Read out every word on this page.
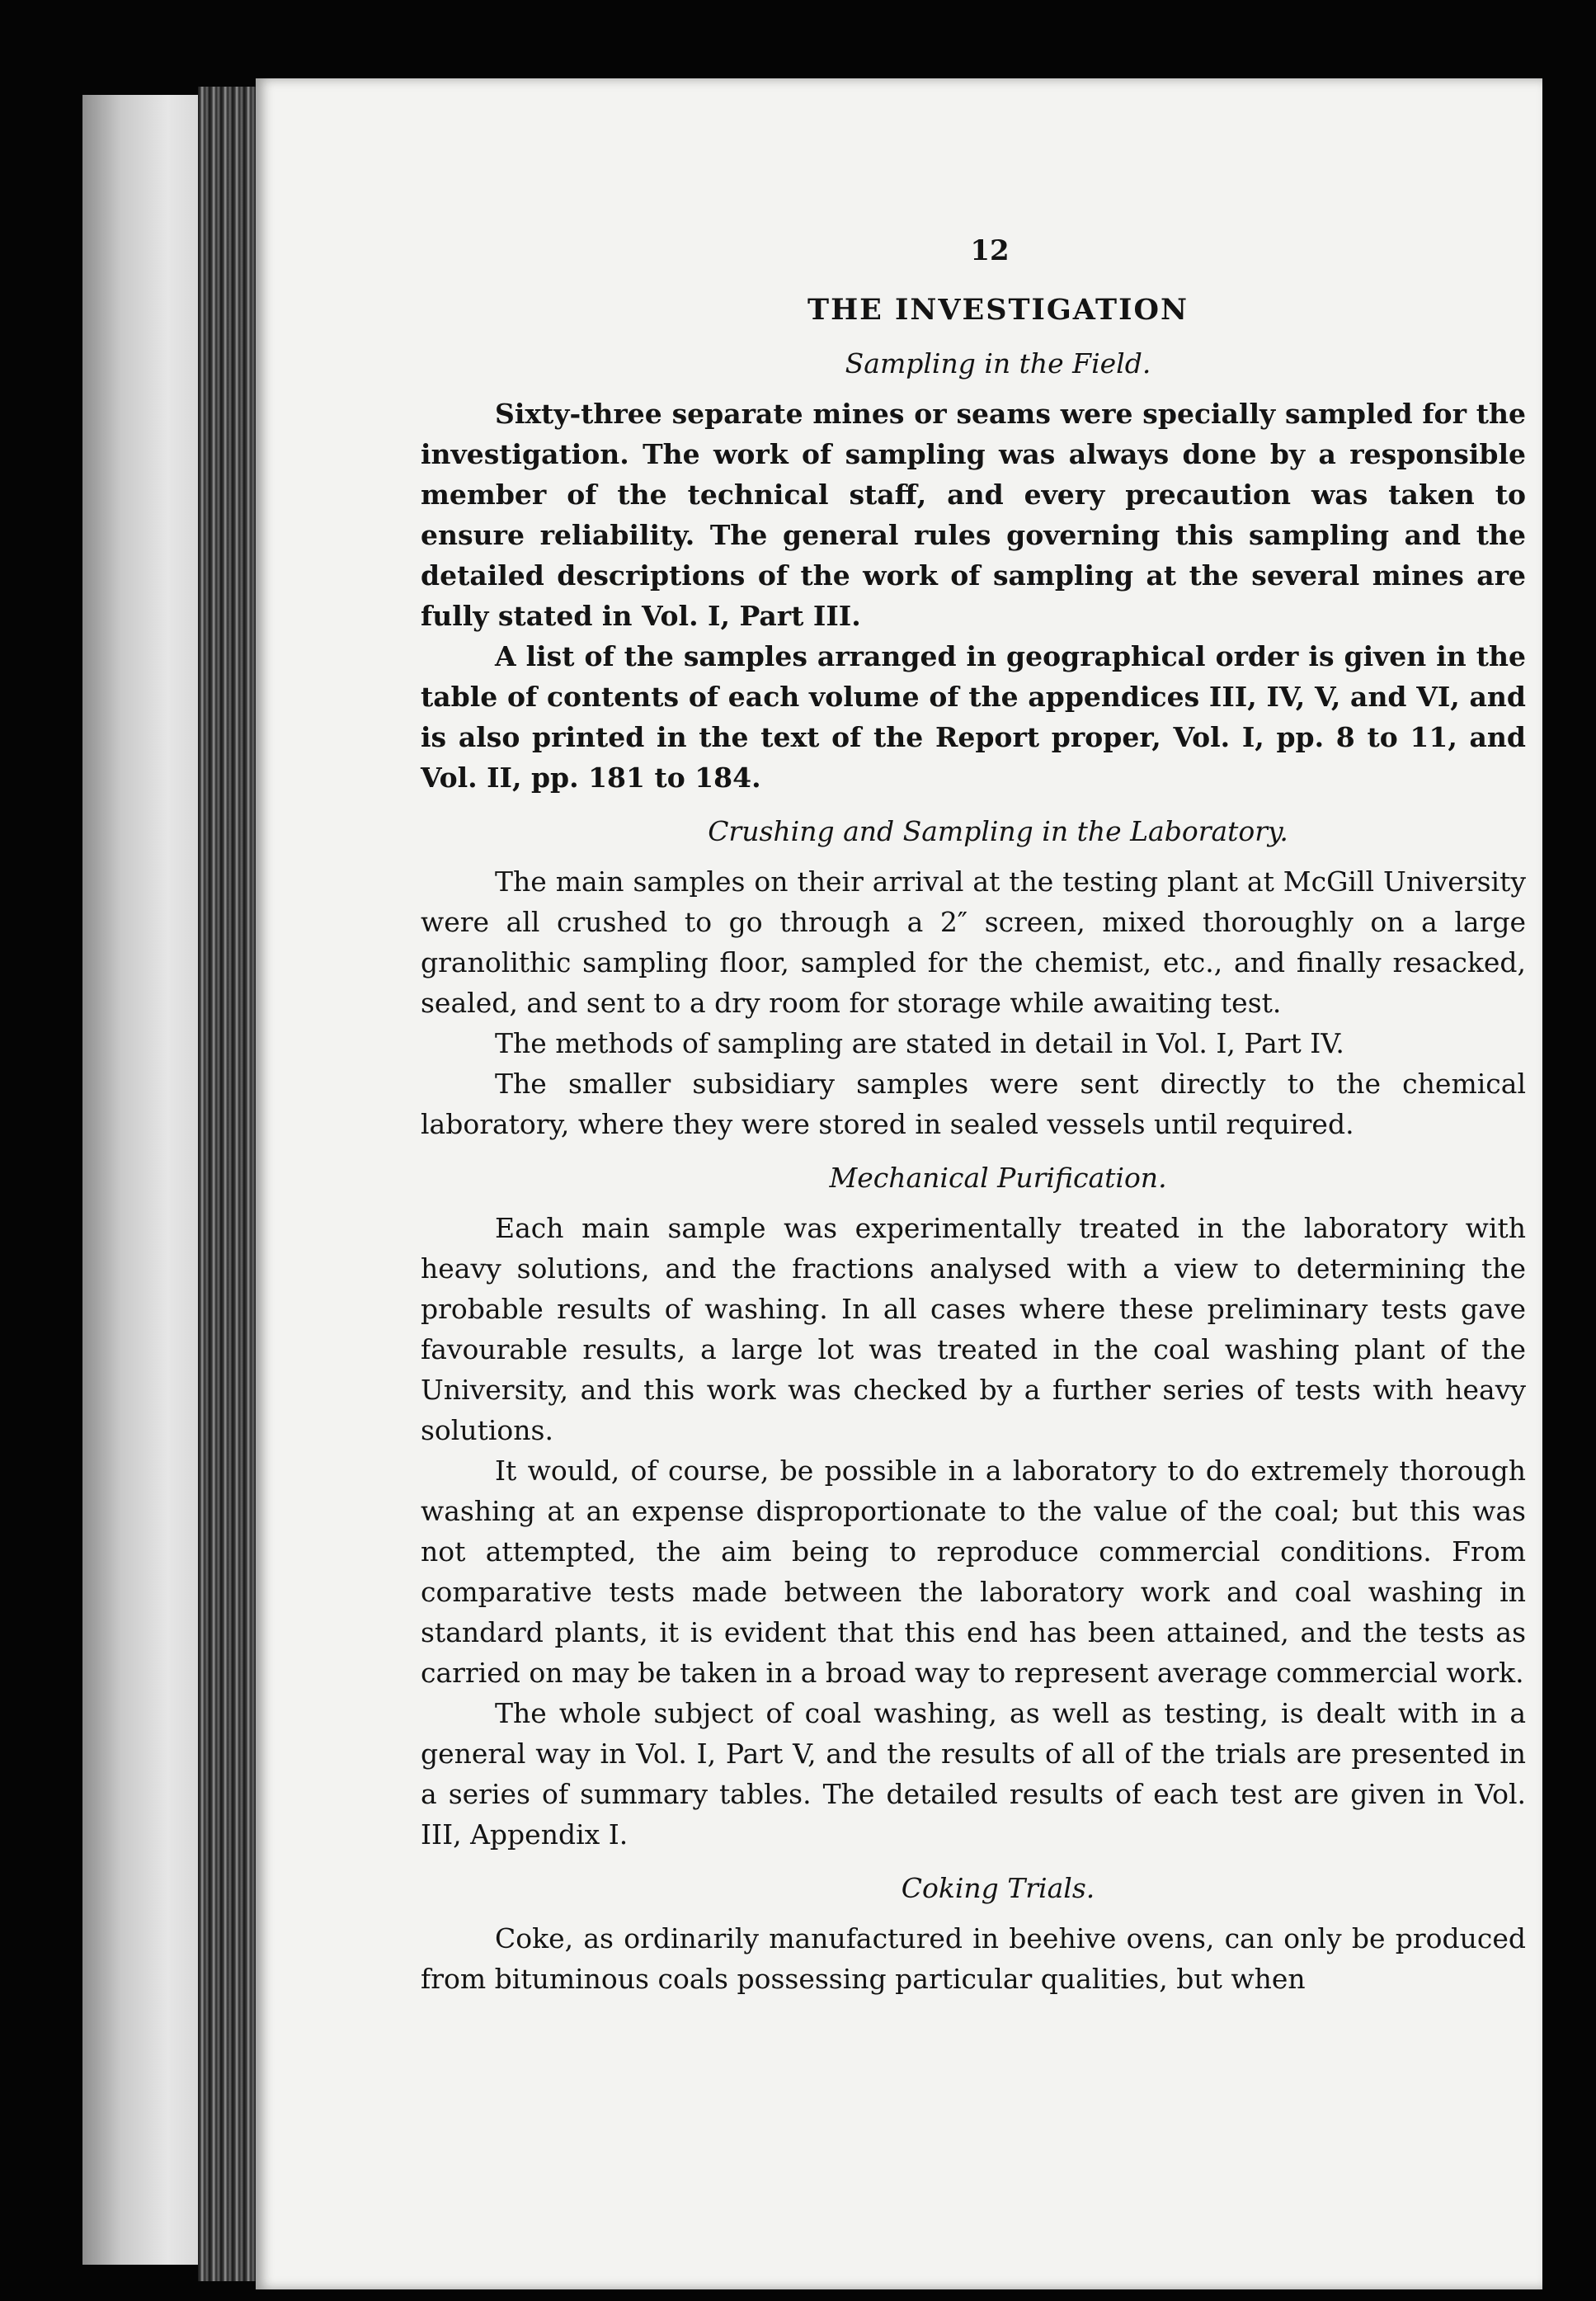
12
THE INVESTIGATION
Sampling in the Field.

Sixty-three separate mines or seams were specially sampled for the investigation. The work of sampling was always done by a responsible member of the technical staff, and every precaution was taken to ensure reliability. The general rules governing this sampling and the detailed descriptions of the work of sampling at the several mines are fully stated in Vol. I, Part III.

A list of the samples arranged in geographical order is given in the table of contents of each volume of the appendices III, IV, V, and VI, and is also printed in the text of the Report proper, Vol. I, pp. 8 to 11, and Vol. II, pp. 181 to 184.

Crushing and Sampling in the Laboratory.

The main samples on their arrival at the testing plant at McGill University were all crushed to go through a 2″ screen, mixed thoroughly on a large granolithic sampling floor, sampled for the chemist, etc., and finally resacked, sealed, and sent to a dry room for storage while awaiting test.

The methods of sampling are stated in detail in Vol. I, Part IV.

The smaller subsidiary samples were sent directly to the chemical laboratory, where they were stored in sealed vessels until required.

Mechanical Purification.

Each main sample was experimentally treated in the laboratory with heavy solutions, and the fractions analysed with a view to determining the probable results of washing. In all cases where these preliminary tests gave favourable results, a large lot was treated in the coal washing plant of the University, and this work was checked by a further series of tests with heavy solutions.

It would, of course, be possible in a laboratory to do extremely thorough washing at an expense disproportionate to the value of the coal; but this was not attempted, the aim being to reproduce commercial conditions. From comparative tests made between the laboratory work and coal washing in standard plants, it is evident that this end has been attained, and the tests as carried on may be taken in a broad way to represent average commercial work.

The whole subject of coal washing, as well as testing, is dealt with in a general way in Vol. I, Part V, and the results of all of the trials are presented in a series of summary tables. The detailed results of each test are given in Vol. III, Appendix I.

Coking Trials.

Coke, as ordinarily manufactured in beehive ovens, can only be produced from bituminous coals possessing particular qualities, but when
